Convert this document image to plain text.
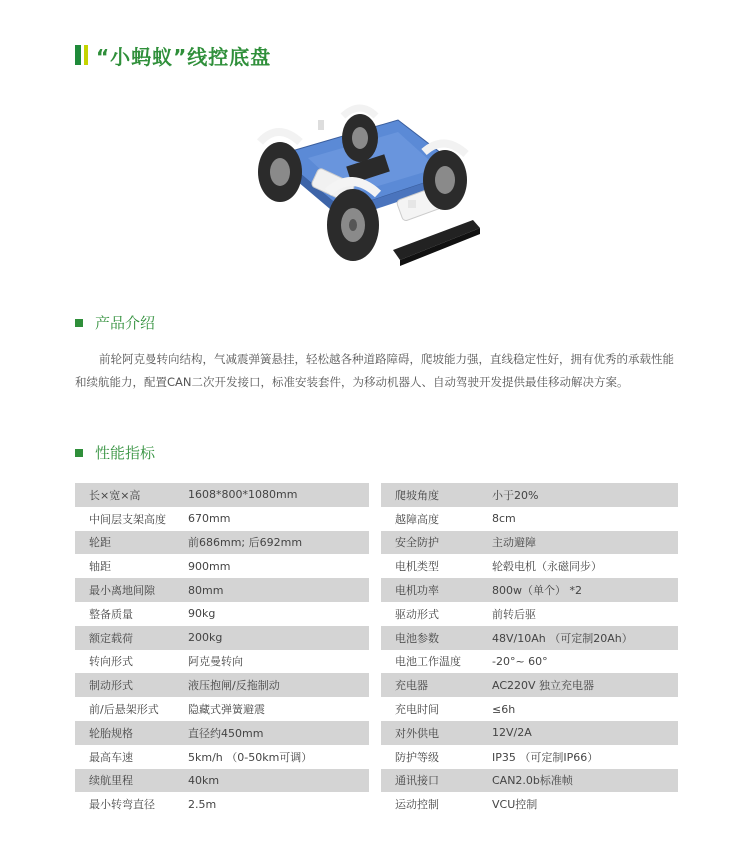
“小蚂蚁”线控底盘
产品介绍
前轮阿克曼转向结构，气减震弹簧悬挂，轻松越各种道路障碍，爬坡能力强，直线稳定性好，拥有优秀的承载性能和续航能力，配置CAN二次开发接口，标准安装套件，为移动机器人、自动驾驶开发提供最佳移动解决方案。
性能指标
长×宽×高	1608*800*1080mm	爬坡角度	小于20%
中间层支架高度	670mm	越障高度	8cm
轮距	前686mm; 后692mm	安全防护	主动避障
轴距	900mm	电机类型	轮毂电机（永磁同步）
最小离地间隙	80mm	电机功率	800w（单个） *2
整备质量	90kg	驱动形式	前转后驱
额定载荷	200kg	电池参数	48V/10Ah （可定制20Ah）
转向形式	阿克曼转向	电池工作温度	-20°~ 60°
制动形式	液压抱闸/反拖制动	充电器	AC220V 独立充电器
前/后悬架形式	隐藏式弹簧避震	充电时间	≤6h
轮胎规格	直径约450mm	对外供电	12V/2A
最高车速	5km/h （0-50km可调）	防护等级	IP35 （可定制IP66）
续航里程	40km	通讯接口	CAN2.0b标准帧
最小转弯直径	2.5m	运动控制	VCU控制
